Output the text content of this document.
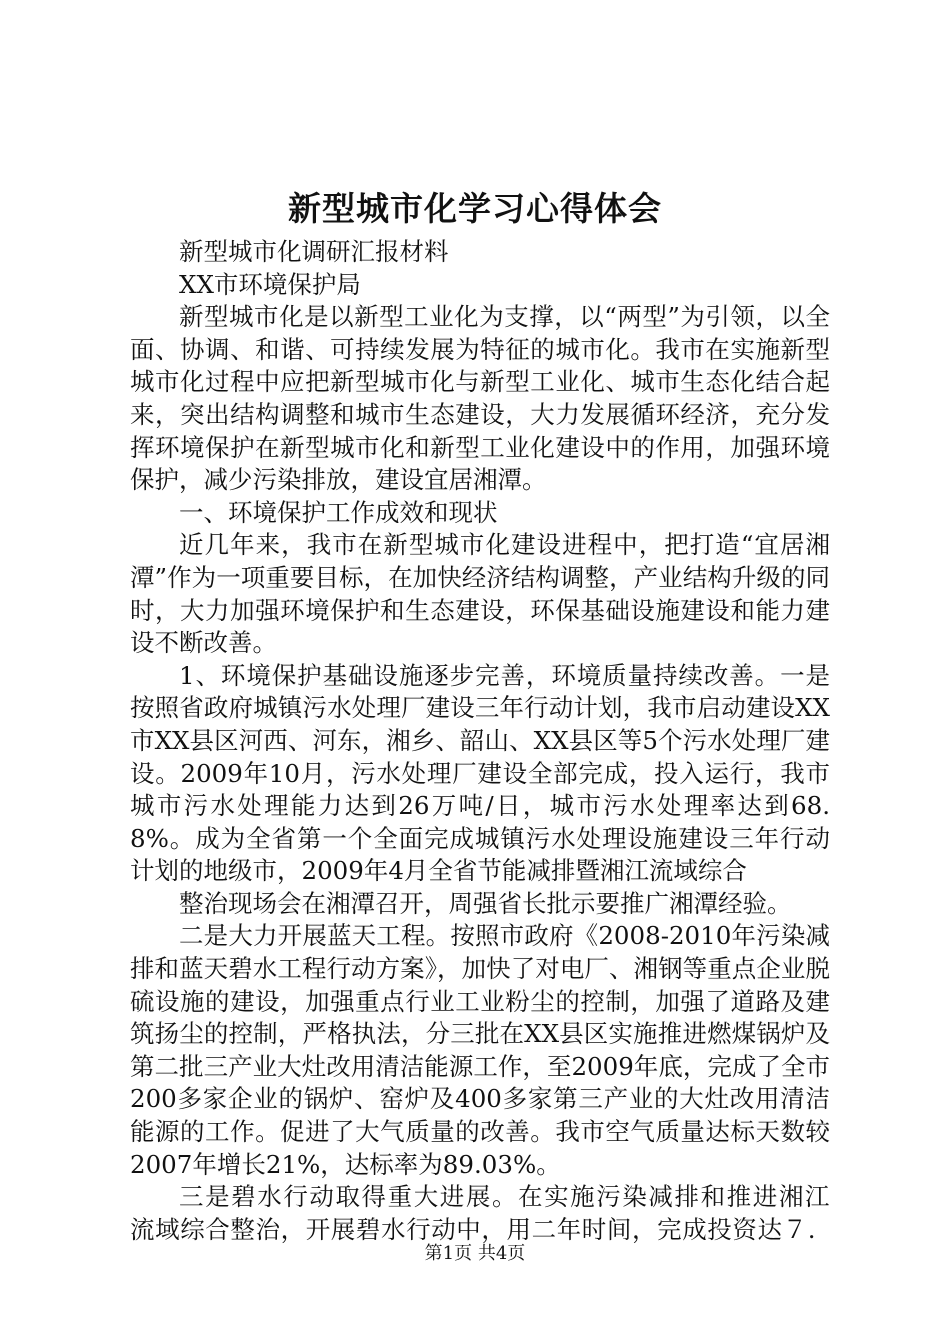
新型城市化学习心得体会

新型城市化调研汇报材料

XX市环境保护局

新型城市化是以新型工业化为支撑，以“两型”为引领，以全面、协调、和谐、可持续发展为特征的城市化。我市在实施新型城市化过程中应把新型城市化与新型工业化、城市生态化结合起来，突出结构调整和城市生态建设，大力发展循环经济，充分发挥环境保护在新型城市化和新型工业化建设中的作用，加强环境保护，减少污染排放，建设宜居湘潭。

一、环境保护工作成效和现状

近几年来，我市在新型城市化建设进程中，把打造“宜居湘潭”作为一项重要目标，在加快经济结构调整，产业结构升级的同时，大力加强环境保护和生态建设，环保基础设施建设和能力建设不断改善。

1、环境保护基础设施逐步完善，环境质量持续改善。一是按照省政府城镇污水处理厂建设三年行动计划，我市启动建设XX市XX县区河西、河东，湘乡、韶山、XX县区等5个污水处理厂建设。2009年10月，污水处理厂建设全部完成，投入运行，我市城市污水处理能力达到26万吨/日，城市污水处理率达到68.8%。成为全省第一个全面完成城镇污水处理设施建设三年行动计划的地级市，2009年4月全省节能减排暨湘江流域综合

整治现场会在湘潭召开，周强省长批示要推广湘潭经验。

二是大力开展蓝天工程。按照市政府《2008-2010年污染减排和蓝天碧水工程行动方案》，加快了对电厂、湘钢等重点企业脱硫设施的建设，加强重点行业工业粉尘的控制，加强了道路及建筑扬尘的控制，严格执法，分三批在XX县区实施推进燃煤锅炉及第二批三产业大灶改用清洁能源工作，至2009年底，完成了全市200多家企业的锅炉、窑炉及400多家第三产业的大灶改用清洁能源的工作。促进了大气质量的改善。我市空气质量达标天数较2007年增长21%，达标率为89.03%。

三是碧水行动取得重大进展。在实施污染减排和推进湘江流域综合整治，开展碧水行动中，用二年时间，完成投资达７.

第1页 共4页
